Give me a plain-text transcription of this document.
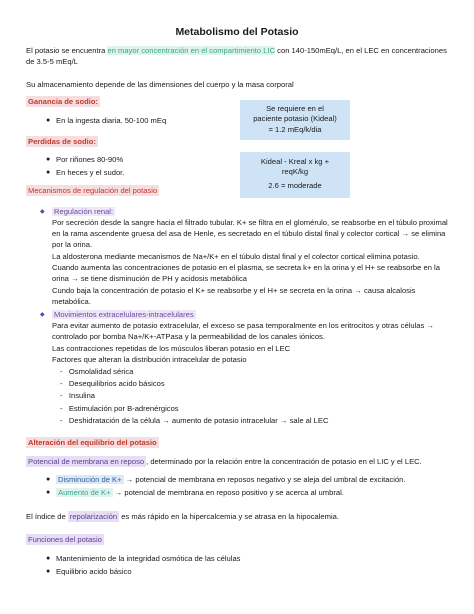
Metabolismo del Potasio
El potasio se encuentra en mayor concentración en el compartimiento LIC con 140-150mEq/L, en el LEC en concentraciones
de 3.5-5 mEq/L
Su almacenamiento depende de las dimensiones del cuerpo y la masa corporal
Ganancia de sodio:
● En la ingesta diaria. 50-100 mEq
Se requiere en el
paciente potasio (Kideal)
= 1.2 mEq/k/dia
Perdidas de sodio:
● Por riñones 80-90%
● En heces y el sudor.
Kideal - Kreal x kg +
reqK/kg
2.6 = moderade
Mecanismos de regulación del potasio
◆ Regulación renal:
Por secreción desde la sangre hacia el filtrado tubular. K+ se filtra en el glomérulo, se reabsorbe en el túbulo proximal
en la rama ascendente gruesa del asa de Henle, es secretado en el túbulo distal final y colector cortical → se elimina
por la orina.
La aldosterona mediante mecanismos de Na+/K+ en el túbulo distal final y el colector cortical elimina potasio.
Cuando aumenta las concentraciones de potasio en el plasma, se secreta k+ en la orina y el H+ se reabsorbe en la
orina → se tiene disminución de PH y acidosis metabólica
Cundo baja la concentración de potasio el K+ se reabsorbe y el H+ se secreta en la orina → causa alcalosis
metabólica.
◆ Movimientos extracelulares-intracelulares
Para evitar aumento de potasio extracelular, el exceso se pasa temporalmente en los eritrocitos y otras células →
controlado por bomba Na+/K+-ATPasa y la permeabilidad de los canales iónicos.
Las contracciones repetidas de los músculos liberan potasio en el LEC
Factores que alteran la distribución intracelular de potasio
-   Osmolalidad sérica
-   Desequilibrios acido básicos
-   Insulina
-   Estimulación por B-adrenérgicos
-   Deshidratación de la célula → aumento de potasio intracelular → sale al LEC
Alteración del equilibrio del potasio
Potencial de membrana en reposo , determinado por la relación entre la concentración de potasio en el LIC y el LEC.
● Disminución de K+ → potencial de membrana en reposos negativo y se aleja del umbral de excitación.
● Aumento de K+ → potencial de membrana en reposo positivo y se acerca al umbral.
El índice de repolarización es más rápido en la hipercalcemia y se atrasa en la hipocalemia.
Funciones del potasio
● Mantenimiento de la integridad osmótica de las células
● Equilibrio acido básico
